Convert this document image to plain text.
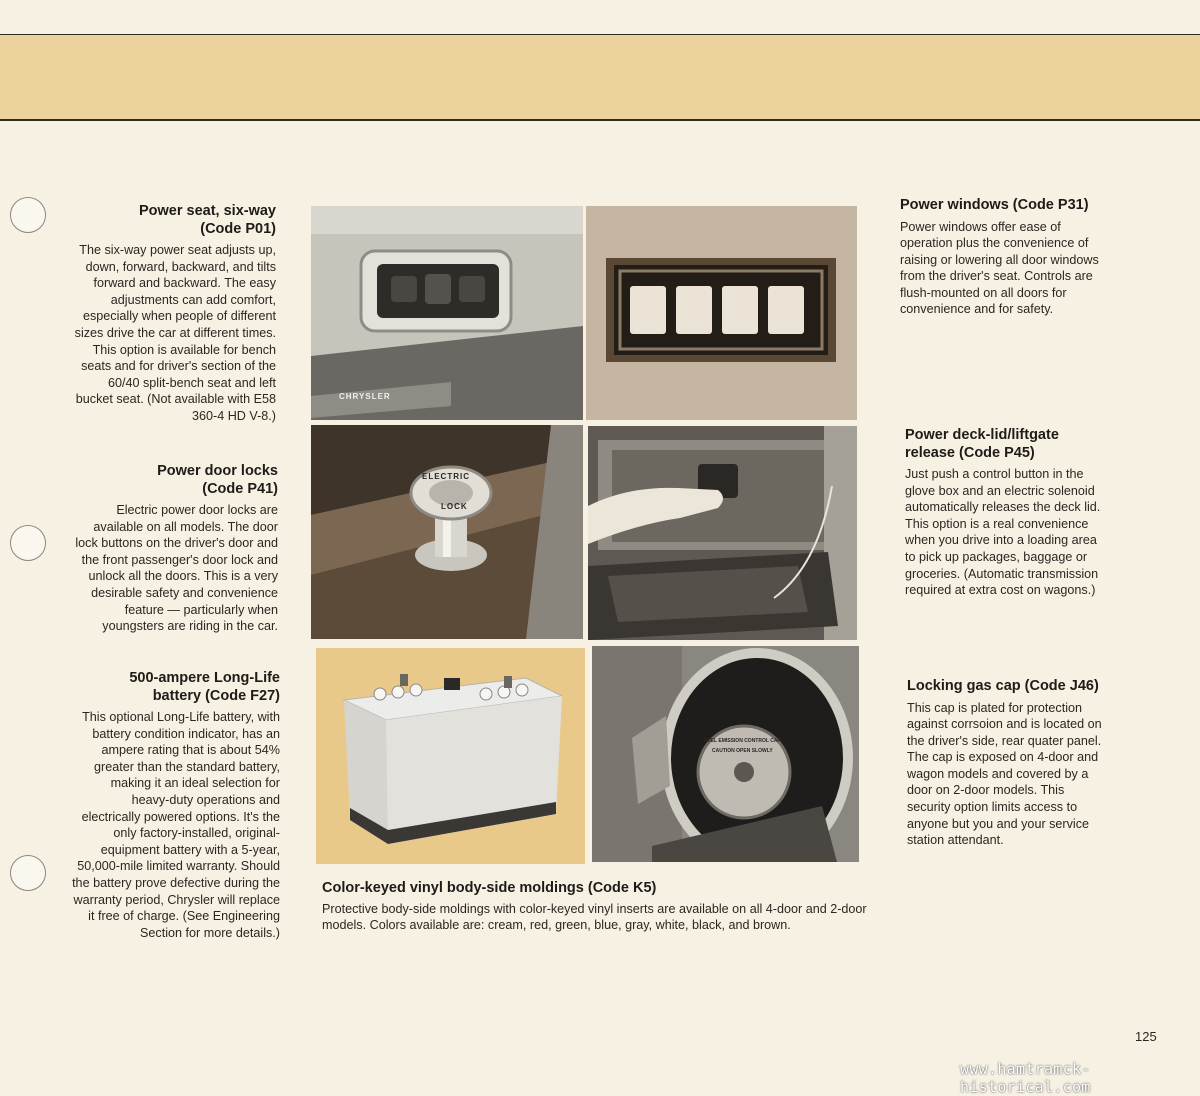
Power seat, six-way
(Code P01)

The six-way power seat adjusts up, down, forward, backward, and tilts forward and backward. The easy adjustments can add comfort, especially when people of different sizes drive the car at different times. This option is available for bench seats and for driver's section of the 60/40 split-bench seat and left bucket seat. (Not available with E58 360-4 HD V-8.)

Power door locks
(Code P41)

Electric power door locks are available on all models. The door lock buttons on the driver's door and the front passenger's door lock and unlock all the doors. This is a very desirable safety and convenience feature — particularly when youngsters are riding in the car.

500-ampere Long-Life
battery (Code F27)

This optional Long-Life battery, with battery condition indicator, has an ampere rating that is about 54% greater than the standard battery, making it an ideal selection for heavy-duty operations and electrically powered options. It's the only factory-installed, original-equipment battery with a 5-year, 50,000-mile limited warranty. Should the battery prove defective during the warranty period, Chrysler will replace it free of charge. (See Engineering Section for more details.)

CHRYSLER
ELECTRIC
LOCK
FUEL EMISSION CONTROL CAP
CAUTION OPEN SLOWLY
Color-keyed vinyl body-side moldings (Code K5)

Protective body-side moldings with color-keyed vinyl inserts are available on all 4-door and 2-door models. Colors available are: cream, red, green, blue, gray, white, black, and brown.

Power windows (Code P31)

Power windows offer ease of operation plus the convenience of raising or lowering all door windows from the driver's seat. Controls are flush-mounted on all doors for convenience and for safety.

Power deck-lid/liftgate release (Code P45)

Just push a control button in the glove box and an electric solenoid automatically releases the deck lid. This option is a real convenience when you drive into a loading area to pick up packages, baggage or groceries. (Automatic transmission required at extra cost on wagons.)

Locking gas cap (Code J46)

This cap is plated for protection against corrsoion and is located on the driver's side, rear quater panel. The cap is exposed on 4-door and wagon models and covered by a door on 2-door models. This security option limits access to anyone but you and your service station attendant.

125
www.hamtramck-historical.com
